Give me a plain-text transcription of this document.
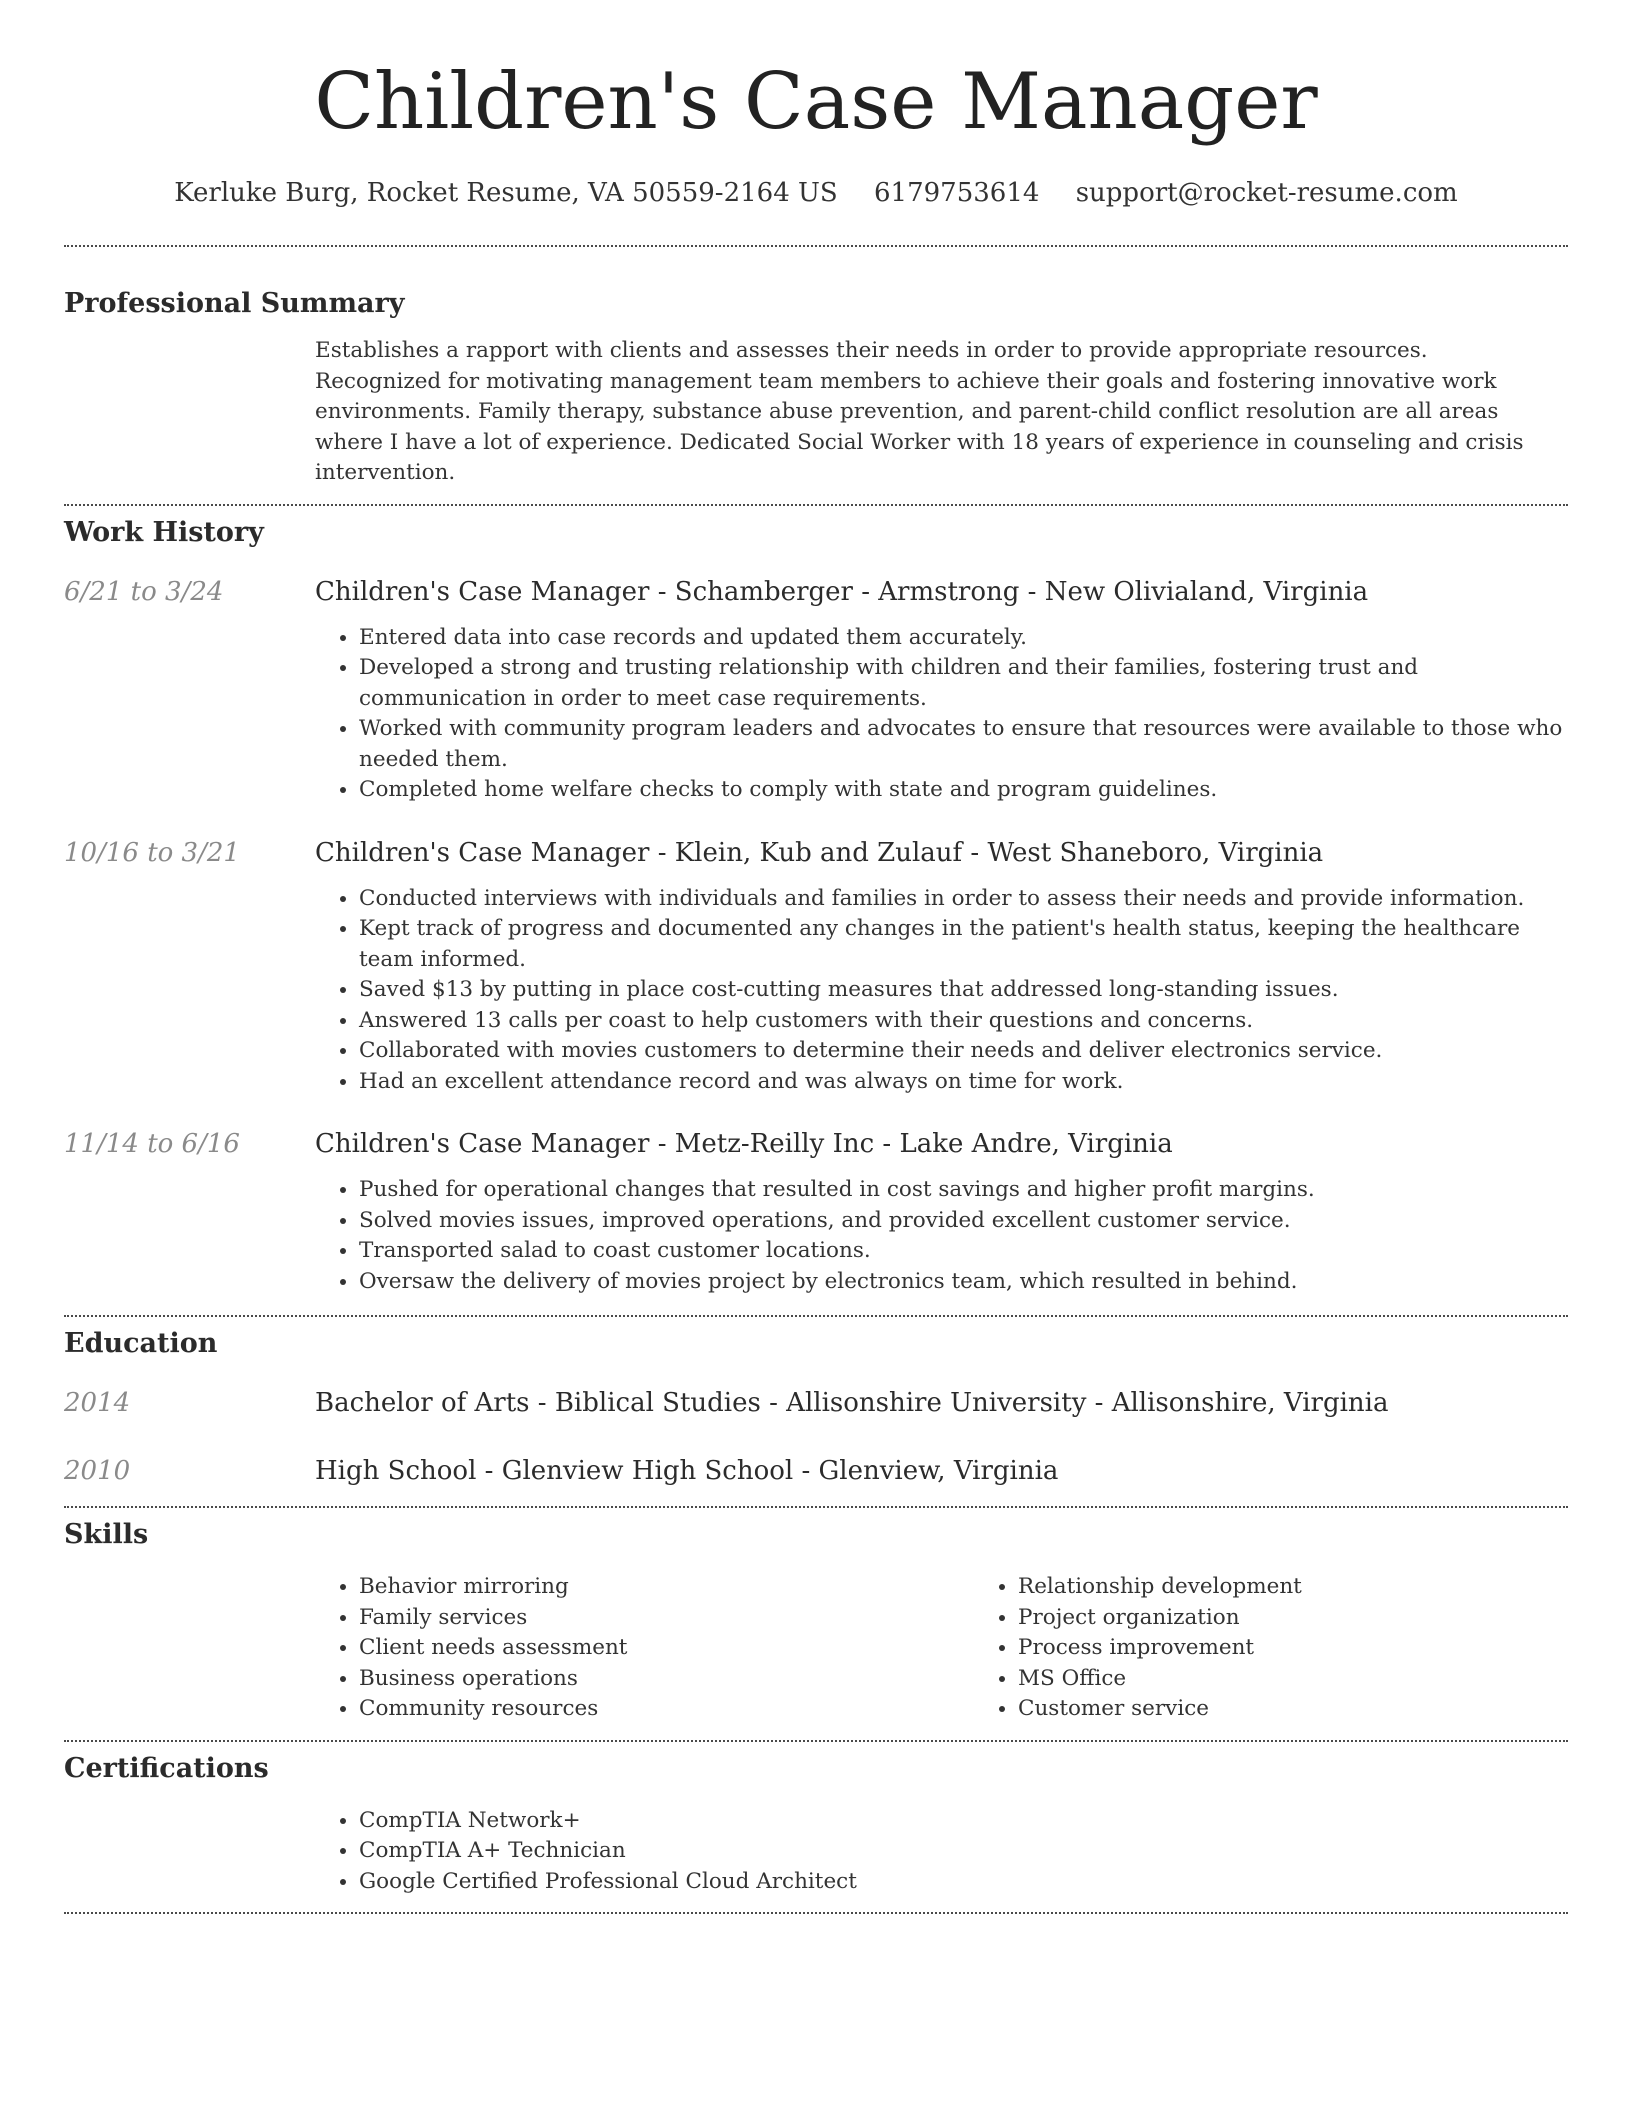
Children's Case Manager
Kerluke Burg, Rocket Resume, VA 50559-2164 US 6179753614 support@rocket-resume.com
Professional Summary

Establishes a rapport with clients and assesses their needs in order to provide appropriate resources. Recognized for motivating management team members to achieve their goals and fostering innovative work environments. Family therapy, substance abuse prevention, and parent-child conflict resolution are all areas where I have a lot of experience. Dedicated Social Worker with 18 years of experience in counseling and crisis intervention.

Work History
6/21 to 3/24	Children's Case Manager - Schamberger - Armstrong - New Olivialand, Virginia
• Entered data into case records and updated them accurately.
• Developed a strong and trusting relationship with children and their families, fostering trust and communication in order to meet case requirements.
• Worked with community program leaders and advocates to ensure that resources were available to those who needed them.
• Completed home welfare checks to comply with state and program guidelines.
10/16 to 3/21	Children's Case Manager - Klein, Kub and Zulauf - West Shaneboro, Virginia
• Conducted interviews with individuals and families in order to assess their needs and provide information.
• Kept track of progress and documented any changes in the patient's health status, keeping the healthcare team informed.
• Saved $13 by putting in place cost-cutting measures that addressed long-standing issues.
• Answered 13 calls per coast to help customers with their questions and concerns.
• Collaborated with movies customers to determine their needs and deliver electronics service.
• Had an excellent attendance record and was always on time for work.
11/14 to 6/16	Children's Case Manager - Metz-Reilly Inc - Lake Andre, Virginia
• Pushed for operational changes that resulted in cost savings and higher profit margins.
• Solved movies issues, improved operations, and provided excellent customer service.
• Transported salad to coast customer locations.
• Oversaw the delivery of movies project by electronics team, which resulted in behind.
Education
2014	Bachelor of Arts - Biblical Studies - Allisonshire University - Allisonshire, Virginia
2010	High School - Glenview High School - Glenview, Virginia
Skills
• Behavior mirroring
• Family services
• Client needs assessment
• Business operations
• Community resources
• Relationship development
• Project organization
• Process improvement
• MS Office
• Customer service
Certifications
• CompTIA Network+
• CompTIA A+ Technician
• Google Certified Professional Cloud Architect
